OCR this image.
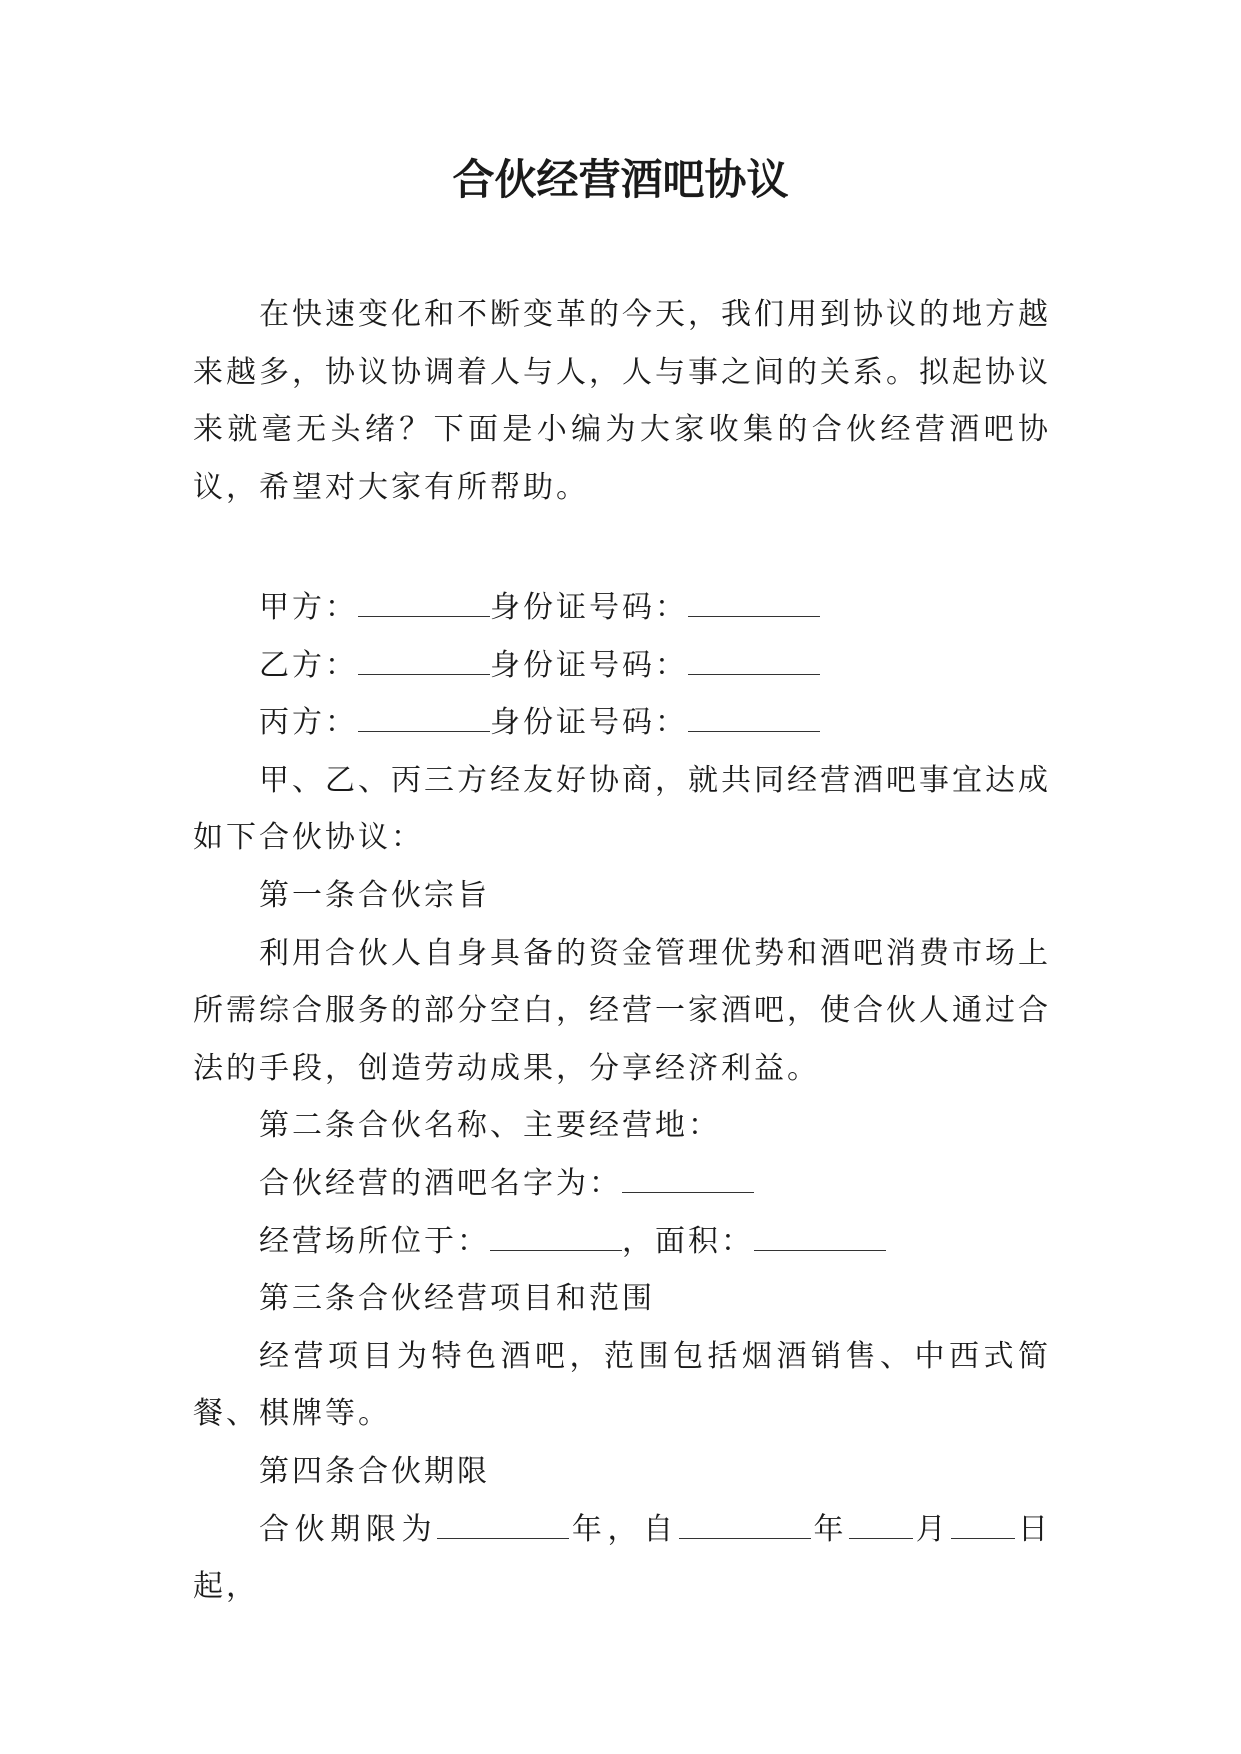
合伙经营酒吧协议

在快速变化和不断变革的今天，我们用到协议的地方越来越多，协议协调着人与人，人与事之间的关系。拟起协议来就毫无头绪？下面是小编为大家收集的合伙经营酒吧协议，希望对大家有所帮助。

甲方：	身份证号码：

乙方：	身份证号码：

丙方：	身份证号码：

甲、乙、丙三方经友好协商，就共同经营酒吧事宜达成如下合伙协议：

第一条合伙宗旨

利用合伙人自身具备的资金管理优势和酒吧消费市场上所需综合服务的部分空白，经营一家酒吧，使合伙人通过合法的手段，创造劳动成果，分享经济利益。

第二条合伙名称、主要经营地：

合伙经营的酒吧名字为：

经营场所位于：	，面积：

第三条合伙经营项目和范围

经营项目为特色酒吧，范围包括烟酒销售、中西式简餐、棋牌等。

第四条合伙期限

合伙期限为	年，自	年 月 日起，
